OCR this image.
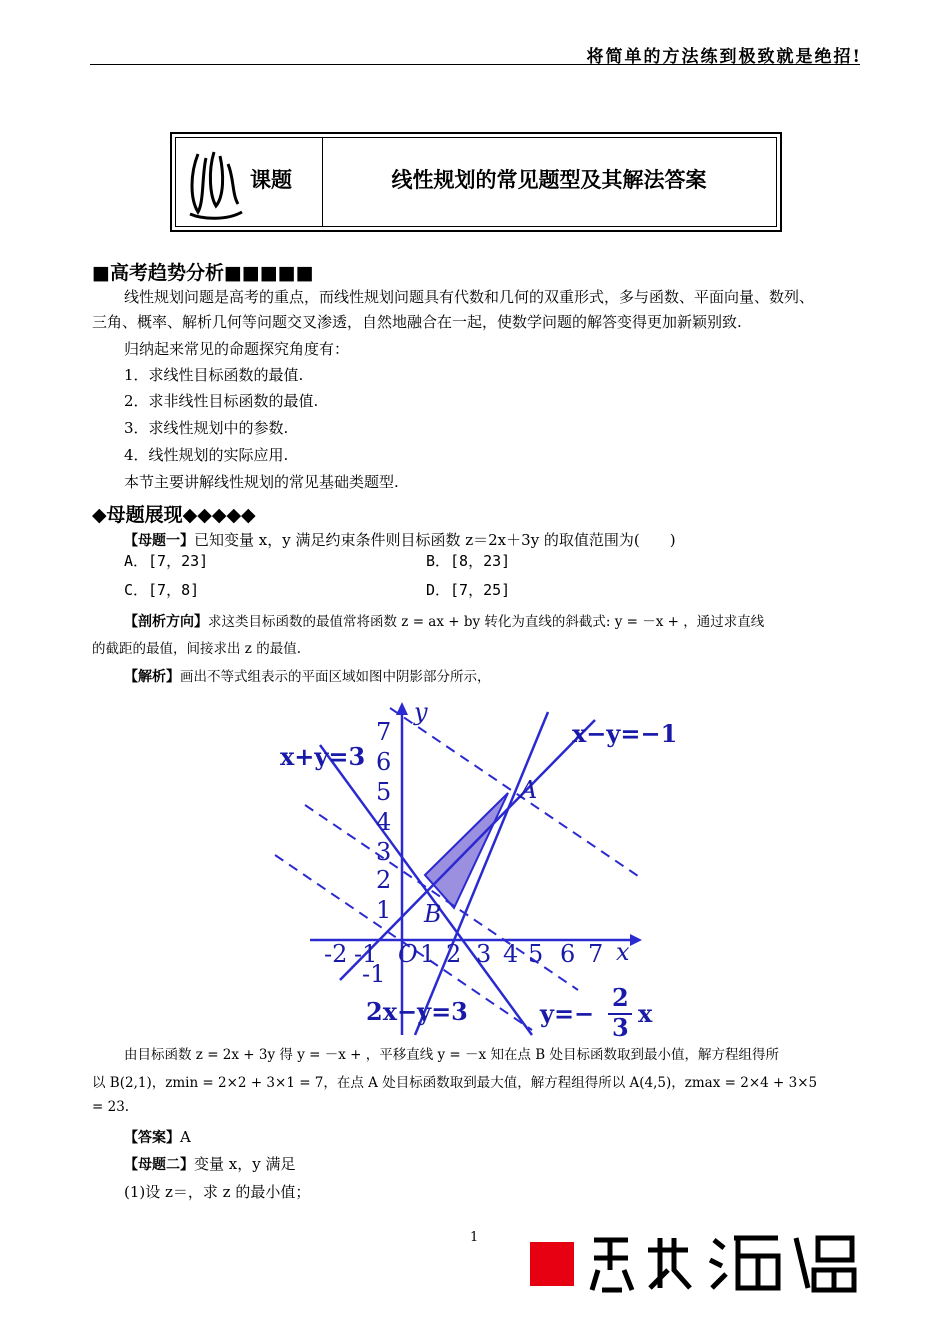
将简单的方法练到极致就是绝招!
课题	线性规划的常见题型及其解法答案
■高考趋势分析■■■■■
线性规划问题是高考的重点，而线性规划问题具有代数和几何的双重形式，多与函数、平面向量、数列、
三角、概率、解析几何等问题交叉渗透，自然地融合在一起，使数学问题的解答变得更加新颖别致.
归纳起来常见的命题探究角度有：
1．求线性目标函数的最值.
2．求非线性目标函数的最值.
3．求线性规划中的参数.
4．线性规划的实际应用.
本节主要讲解线性规划的常见基础类题型.
◆母题展现◆◆◆◆◆
【母题一】已知变量 x，y 满足约束条件则目标函数 z＝2x＋3y 的取值范围为(　　)
A．[7，23]	B．[8，23]
C．[7，8]	D．[7，25]
【剖析方向】求这类目标函数的最值常将函数 z = ax + by 转化为直线的斜截式: y = －x + ，通过求直线
的截距的最值，间接求出 z 的最值.
【解析】画出不等式组表示的平面区域如图中阴影部分所示，
-2 -1 O 1 2 3 4 5 6 7
7
6
5
4
3
2
1
-1
x
y
A
B
x+y=3
x−y=−1
2x−y=3	y=−
2
3 x
由目标函数 z = 2x + 3y 得 y = －x + ，平移直线 y = －x 知在点 B 处目标函数取到最小值，解方程组得所
以 B(2,1)，zmin = 2×2 + 3×1 = 7，在点 A 处目标函数取到最大值，解方程组得所以 A(4,5)，zmax = 2×4 + 3×5
= 23.
【答案】A
【母题二】变量 x，y 满足
(1)设 z＝，求 z 的最小值；
1
